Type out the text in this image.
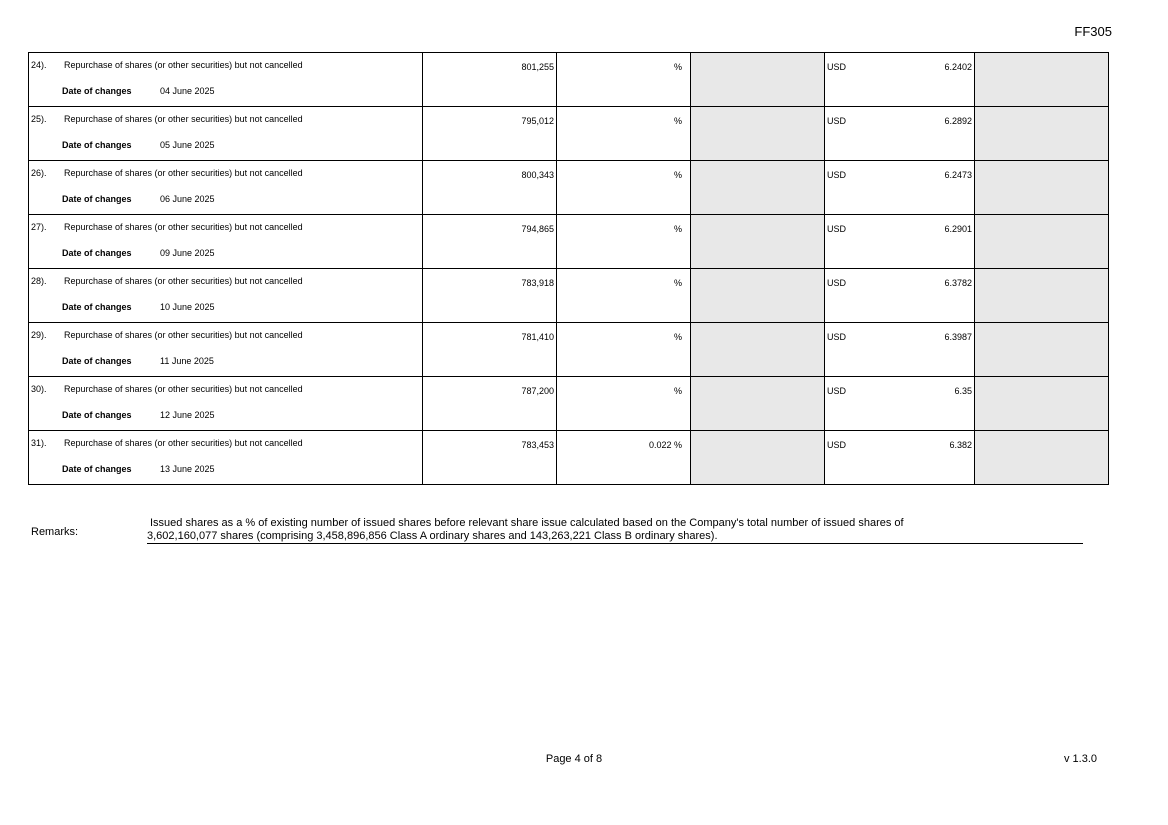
FF305
24). Repurchase of shares (or other securities) but not cancelled
Date of changes 04 June 2025	801,255	%		USD	6.2402	

25). Repurchase of shares (or other securities) but not cancelled
Date of changes 05 June 2025	795,012	%		USD	6.2892	

26). Repurchase of shares (or other securities) but not cancelled
Date of changes 06 June 2025	800,343	%		USD	6.2473	

27). Repurchase of shares (or other securities) but not cancelled
Date of changes 09 June 2025	794,865	%		USD	6.2901	

28). Repurchase of shares (or other securities) but not cancelled
Date of changes 10 June 2025	783,918	%		USD	6.3782	

29). Repurchase of shares (or other securities) but not cancelled
Date of changes 11 June 2025	781,410	%		USD	6.3987	

30). Repurchase of shares (or other securities) but not cancelled
Date of changes 12 June 2025	787,200	%		USD	6.35	

31). Repurchase of shares (or other securities) but not cancelled
Date of changes 13 June 2025	783,453	0.022 %		USD	6.382	

Remarks:
Issued shares as a % of existing number of issued shares before relevant share issue calculated based on the Company's total number of issued shares of
3,602,160,077 shares (comprising 3,458,896,856 Class A ordinary shares and 143,263,221 Class B ordinary shares).
Page 4 of 8	v 1.3.0
